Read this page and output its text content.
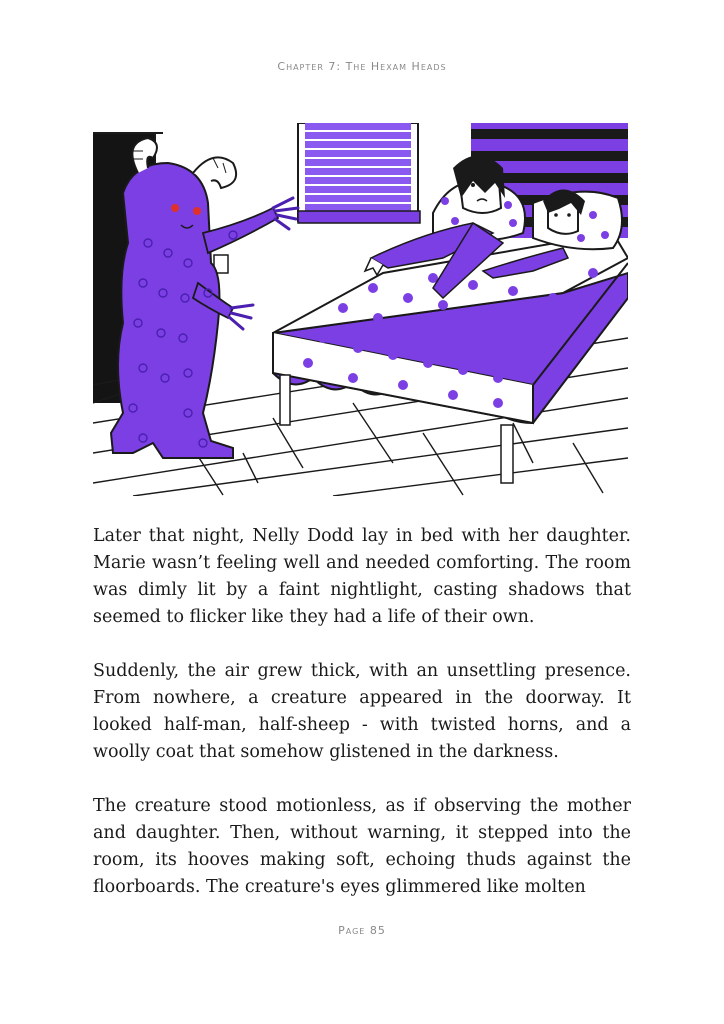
Chapter 7: The Hexam Heads

Later that night, Nelly Dodd lay in bed with her daughter. Marie wasn’t feeling well and needed comforting. The room was dimly lit by a faint nightlight, casting shadows that seemed to flicker like they had a life of their own.

Suddenly, the air grew thick, with an unsettling presence. From nowhere, a creature appeared in the doorway. It looked half-man, half-sheep - with twisted horns, and a woolly coat that somehow glistened in the darkness.

The creature stood motionless, as if observing the mother and daughter. Then, without warning, it stepped into the room, its hooves making soft, echoing thuds against the floorboards. The creature's eyes glimmered like molten

Page 85
